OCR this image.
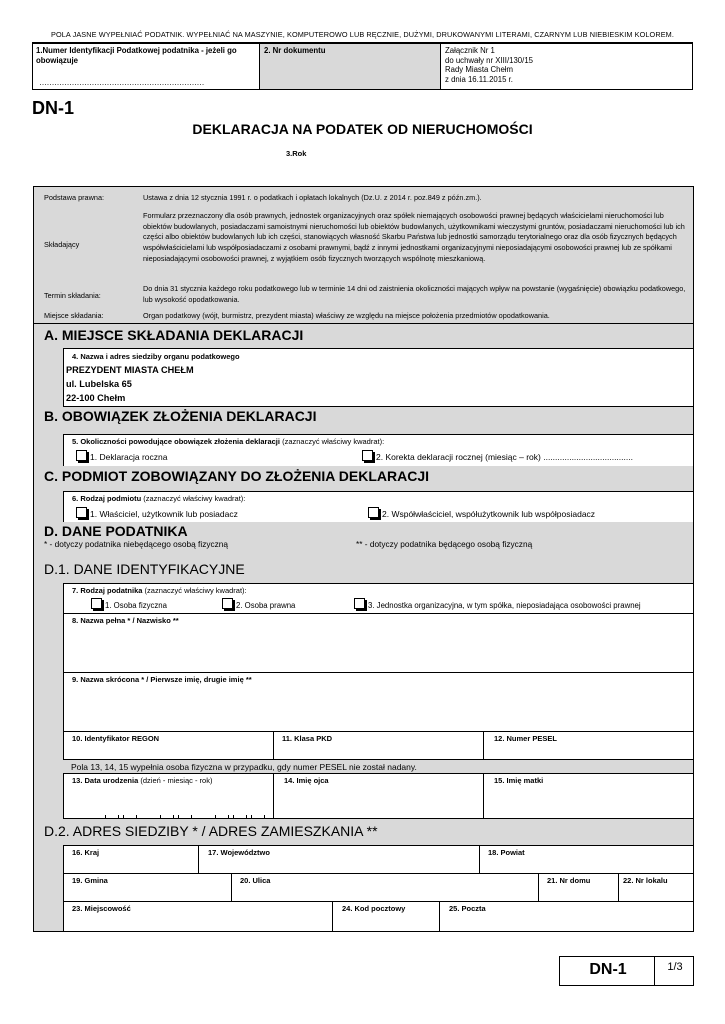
POLA JASNE WYPEŁNIAĆ PODATNIK. WYPEŁNIAĆ NA MASZYNIE, KOMPUTEROWO LUB RĘCZNIE, DUŻYMI, DRUKOWANYMI LITERAMI, CZARNYM LUB NIEBIESKIM KOLOREM.
1.Numer Identyfikacji Podatkowej podatnika - jeżeli go obowiązuje
…………………………………………………………
2. Nr dokumentu	Załącznik Nr 1
do uchwały nr XIII/130/15
Rady Miasta Chełm
z dnia 16.11.2015 r.
DN-1
DEKLARACJA NA PODATEK OD NIERUCHOMOŚCI
3.Rok
Podstawa prawna:	Ustawa z dnia 12 stycznia 1991 r. o podatkach i opłatach lokalnych (Dz.U. z 2014 r. poz.849 z późn.zm.).
Składający
Formularz przeznaczony dla osób prawnych, jednostek organizacyjnych oraz spółek niemających osobowości prawnej będących właścicielami nieruchomości lub obiektów budowlanych, posiadaczami samoistnymi nieruchomości lub obiektów budowlanych, użytkownikami wieczystymi gruntów, posiadaczami nieruchomości lub ich części albo obiektów budowlanych lub ich części, stanowiących własność Skarbu Państwa lub jednostki samorządu terytorialnego oraz dla osób fizycznych będących współwłaścicielami lub współposiadaczami z osobami prawnymi, bądź z innymi jednostkami organizacyjnymi nieposiadającymi osobowości prawnej lub ze spółkami nieposiadającymi osobowości prawnej, z wyjątkiem osób fizycznych tworzących wspólnotę mieszkaniową.
Termin składania:
Do dnia 31 stycznia każdego roku podatkowego lub w terminie 14 dni od zaistnienia okoliczności mających wpływ na powstanie (wygaśnięcie) obowiązku podatkowego, lub wysokość opodatkowania.
Miejsce składania:	Organ podatkowy (wójt, burmistrz, prezydent miasta) właściwy ze względu na miejsce położenia przedmiotów opodatkowania.
A. MIEJSCE SKŁADANIA DEKLARACJI
4. Nazwa i adres siedziby organu podatkowego
PREZYDENT MIASTA CHEŁM
ul. Lubelska 65
22-100 Chełm
B. OBOWIĄZEK ZŁOŻENIA DEKLARACJI
5. Okoliczności powodujące obowiązek złożenia deklaracji (zaznaczyć właściwy kwadrat):
1. Deklaracja roczna	2. Korekta deklaracji rocznej (miesiąc – rok) ......................................
C. PODMIOT ZOBOWIĄZANY DO ZŁOŻENIA DEKLARACJI
6. Rodzaj podmiotu (zaznaczyć właściwy kwadrat):
1. Właściciel, użytkownik lub posiadacz	2. Współwłaściciel, współużytkownik lub współposiadacz
D. DANE PODATNIKA
* - dotyczy podatnika niebędącego osobą fizyczną	** - dotyczy podatnika będącego osobą fizyczną
D.1. DANE IDENTYFIKACYJNE
7. Rodzaj podatnika (zaznaczyć właściwy kwadrat):
1. Osoba fizyczna	2. Osoba prawna	3. Jednostka organizacyjna, w tym spółka, nieposiadająca osobowości prawnej
8. Nazwa pełna * / Nazwisko **
9. Nazwa skrócona * / Pierwsze imię, drugie imię **
10. Identyfikator REGON	11. Klasa PKD	12. Numer PESEL
Pola 13, 14, 15 wypełnia osoba fizyczna w przypadku, gdy numer PESEL nie został nadany.
13. Data urodzenia (dzień - miesiąc - rok)
	14. Imię ojca	15. Imię matki
D.2. ADRES SIEDZIBY * / ADRES ZAMIESZKANIA **
16. Kraj	17. Województwo	18. Powiat
19. Gmina	20. Ulica	21. Nr domu	22. Nr lokalu
23. Miejscowość	24. Kod pocztowy	25. Poczta
DN-1	1/3
